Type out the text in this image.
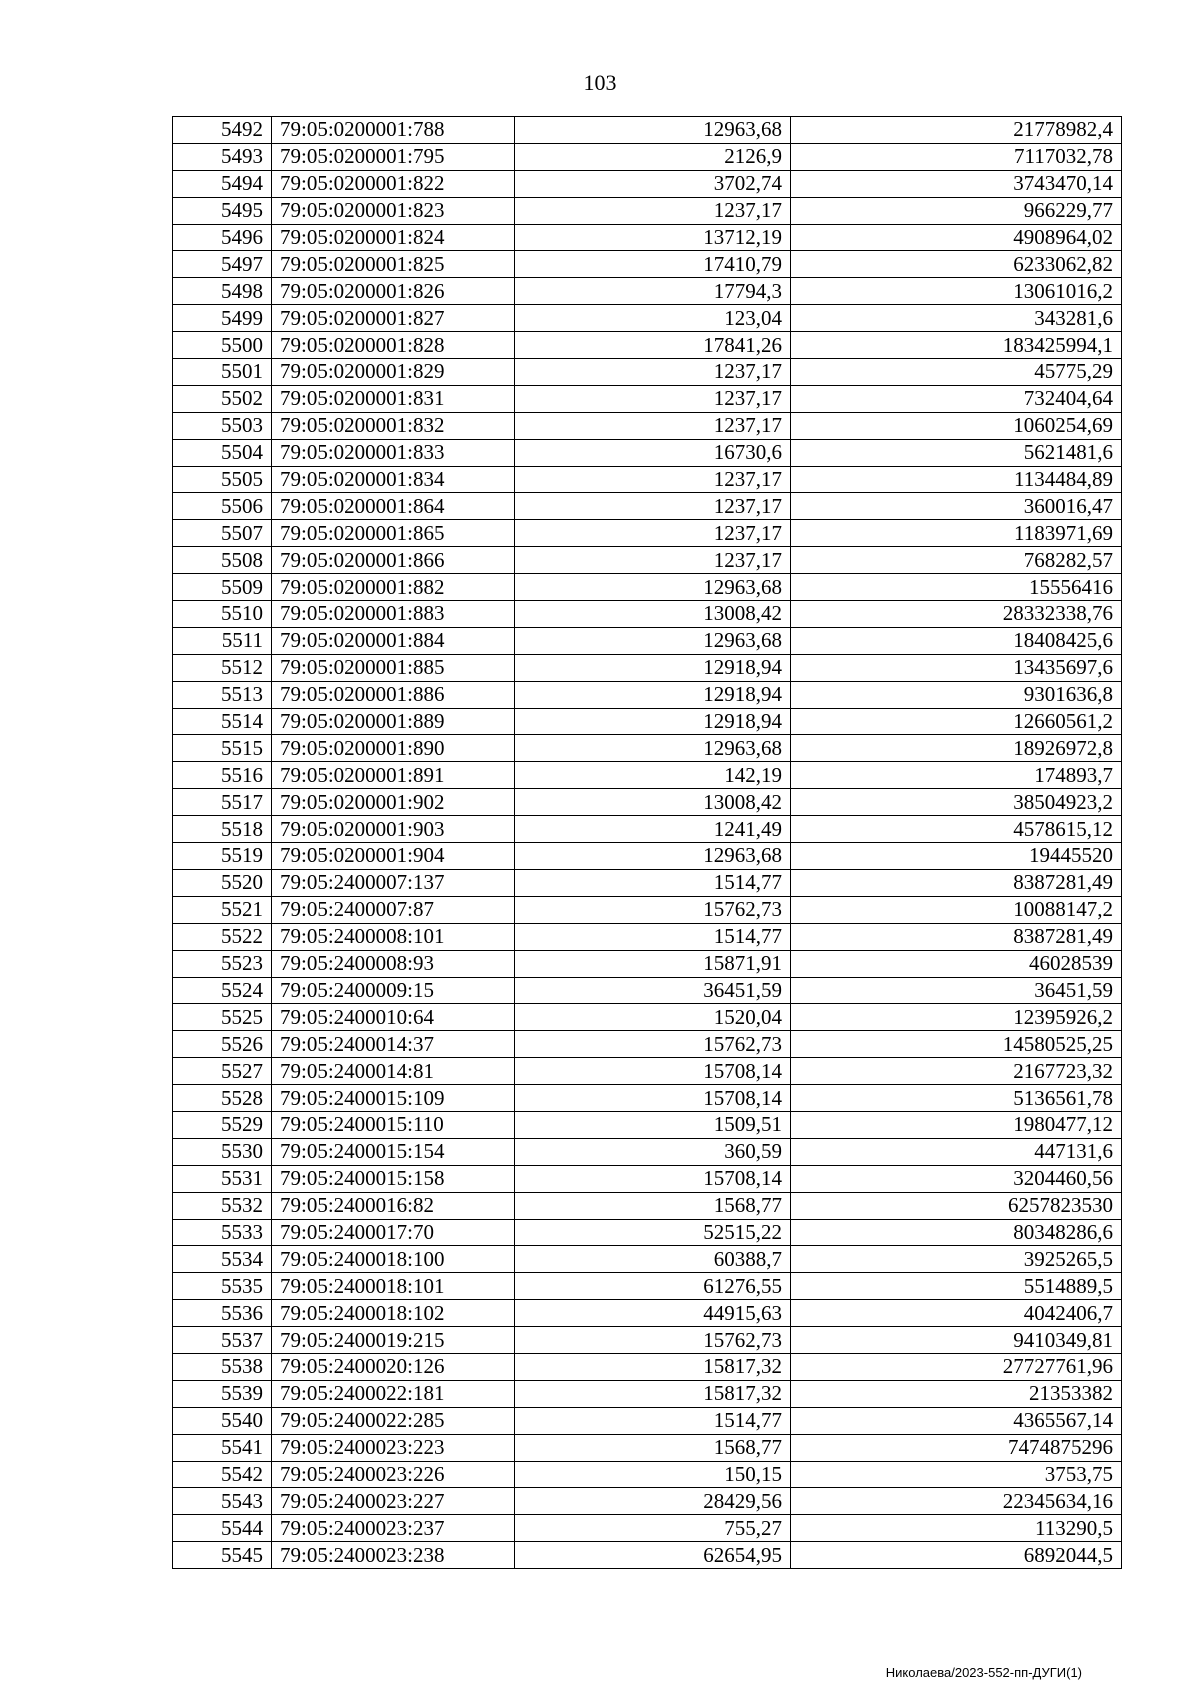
103
5492	79:05:0200001:788	12963,68	21778982,4
5493	79:05:0200001:795	2126,9	7117032,78
5494	79:05:0200001:822	3702,74	3743470,14
5495	79:05:0200001:823	1237,17	966229,77
5496	79:05:0200001:824	13712,19	4908964,02
5497	79:05:0200001:825	17410,79	6233062,82
5498	79:05:0200001:826	17794,3	13061016,2
5499	79:05:0200001:827	123,04	343281,6
5500	79:05:0200001:828	17841,26	183425994,1
5501	79:05:0200001:829	1237,17	45775,29
5502	79:05:0200001:831	1237,17	732404,64
5503	79:05:0200001:832	1237,17	1060254,69
5504	79:05:0200001:833	16730,6	5621481,6
5505	79:05:0200001:834	1237,17	1134484,89
5506	79:05:0200001:864	1237,17	360016,47
5507	79:05:0200001:865	1237,17	1183971,69
5508	79:05:0200001:866	1237,17	768282,57
5509	79:05:0200001:882	12963,68	15556416
5510	79:05:0200001:883	13008,42	28332338,76
5511	79:05:0200001:884	12963,68	18408425,6
5512	79:05:0200001:885	12918,94	13435697,6
5513	79:05:0200001:886	12918,94	9301636,8
5514	79:05:0200001:889	12918,94	12660561,2
5515	79:05:0200001:890	12963,68	18926972,8
5516	79:05:0200001:891	142,19	174893,7
5517	79:05:0200001:902	13008,42	38504923,2
5518	79:05:0200001:903	1241,49	4578615,12
5519	79:05:0200001:904	12963,68	19445520
5520	79:05:2400007:137	1514,77	8387281,49
5521	79:05:2400007:87	15762,73	10088147,2
5522	79:05:2400008:101	1514,77	8387281,49
5523	79:05:2400008:93	15871,91	46028539
5524	79:05:2400009:15	36451,59	36451,59
5525	79:05:2400010:64	1520,04	12395926,2
5526	79:05:2400014:37	15762,73	14580525,25
5527	79:05:2400014:81	15708,14	2167723,32
5528	79:05:2400015:109	15708,14	5136561,78
5529	79:05:2400015:110	1509,51	1980477,12
5530	79:05:2400015:154	360,59	447131,6
5531	79:05:2400015:158	15708,14	3204460,56
5532	79:05:2400016:82	1568,77	6257823530
5533	79:05:2400017:70	52515,22	80348286,6
5534	79:05:2400018:100	60388,7	3925265,5
5535	79:05:2400018:101	61276,55	5514889,5
5536	79:05:2400018:102	44915,63	4042406,7
5537	79:05:2400019:215	15762,73	9410349,81
5538	79:05:2400020:126	15817,32	27727761,96
5539	79:05:2400022:181	15817,32	21353382
5540	79:05:2400022:285	1514,77	4365567,14
5541	79:05:2400023:223	1568,77	7474875296
5542	79:05:2400023:226	150,15	3753,75
5543	79:05:2400023:227	28429,56	22345634,16
5544	79:05:2400023:237	755,27	113290,5
5545	79:05:2400023:238	62654,95	6892044,5
Николаева/2023-552-пп-ДУГИ(1)
